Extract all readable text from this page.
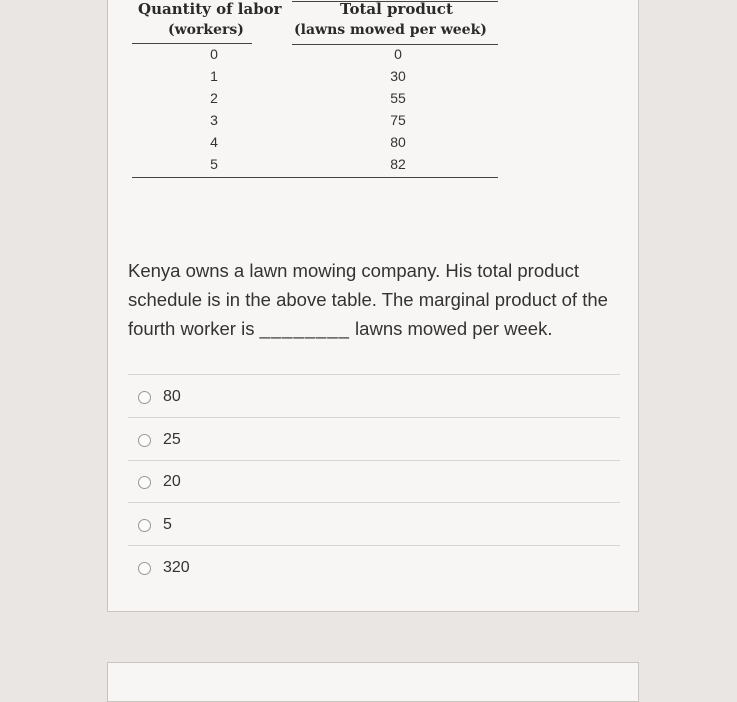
Quantity of labor	Total product
(workers)	(lawns mowed per week)
0	0
1	30
2	55
3	75
4	80
5	82
Kenya owns a lawn mowing company. His total product schedule is in the above table. The marginal product of the fourth worker is ________ lawns mowed per week.
80
25
20
5
320
